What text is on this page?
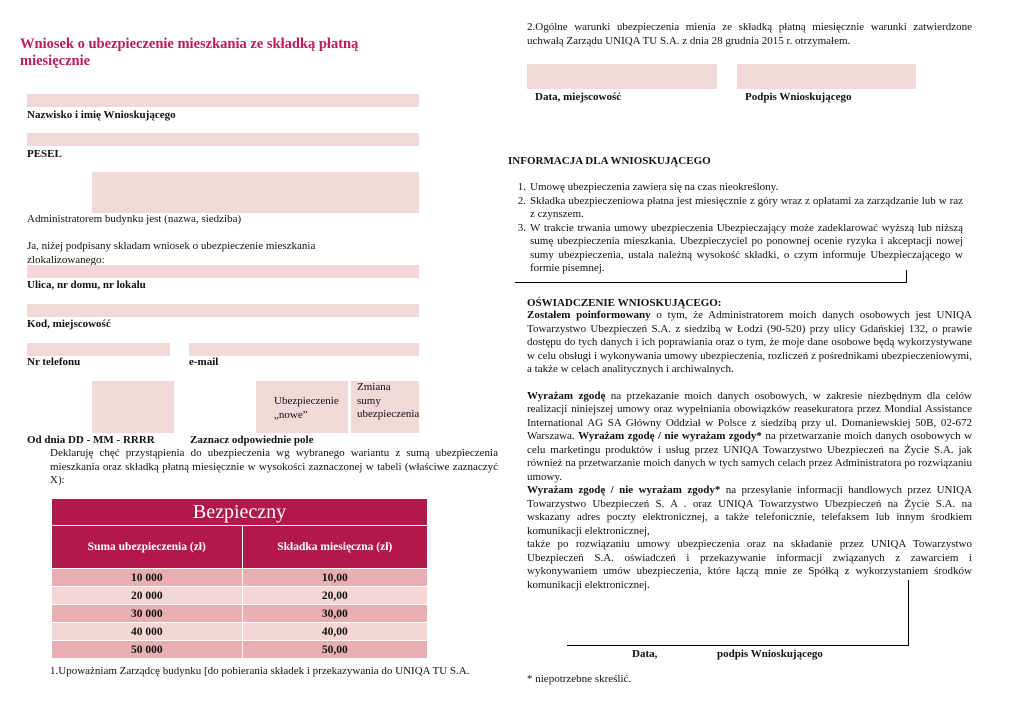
Wniosek o ubezpieczenie mieszkania ze składką płatną miesięcznie
Nazwisko i imię Wnioskującego
PESEL
Administratorem budynku jest (nazwa, siedziba)
Ja, niżej podpisany składam wniosek o ubezpieczenie mieszkania zlokalizowanego:
Ulica, nr domu, nr lokalu
Kod, miejscowość
Nr telefonu	e-mail
Ubezpieczenie „nowe”
Zmiana sumy ubezpieczenia
Od dnia DD - MM - RRRR	Zaznacz odpowiednie pole
Deklaruję chęć przystąpienia do ubezpieczenia wg wybranego wariantu z sumą ubezpieczenia mieszkania oraz składką płatną miesięcznie w wysokości zaznaczonej w tabeli (właściwe zaznaczyć X):
Bezpieczny	
Suma ubezpieczenia (zł)	Składka miesięczna (zł)
10 000	10,00
20 000	20,00
30 000	30,00
40 000	40,00
50 000	50,00
1.Upoważniam Zarządcę budynku [do pobierania składek i przekazywania do UNIQA TU S.A.
2.Ogólne warunki ubezpieczenia mienia ze składką płatną miesięcznie warunki zatwierdzone uchwałą Zarządu UNIQA TU S.A. z dnia 28 grudnia 2015 r. otrzymałem.
Data, miejscowość	Podpis Wnioskującego
INFORMACJA DLA WNIOSKUJĄCEGO
1. Umowę ubezpieczenia zawiera się na czas nieokreślony.
2. Składka ubezpieczeniowa płatna jest miesięcznie z góry wraz z opłatami za zarządzanie lub w raz z czynszem.
3. W trakcie trwania umowy ubezpieczenia Ubezpieczający może zadeklarować wyższą lub niższą sumę ubezpieczenia mieszkania. Ubezpieczyciel po ponownej ocenie ryzyka i akceptacji nowej sumy ubezpieczenia, ustala należną wysokość składki, o czym informuje Ubezpieczającego w formie pisemnej.
OŚWIADCZENIE WNIOSKUJĄCEGO:
Zostałem poinformowany o tym, że Administratorem moich danych osobowych jest UNIQA Towarzystwo Ubezpieczeń S.A. z siedzibą w Łodzi (90-520) przy ulicy Gdańskiej 132, o prawie dostępu do tych danych i ich poprawiania oraz o tym, że moje dane osobowe będą wykorzystywane w celu obsługi i wykonywania umowy ubezpieczenia, rozliczeń z pośrednikami ubezpieczeniowymi, a także w celach analitycznych i archiwalnych.
Wyrażam zgodę na przekazanie moich danych osobowych, w zakresie niezbędnym dla celów realizacji niniejszej umowy oraz wypełniania obowiązków reasekuratora przez Mondial Assistance International AG SA Główny Oddział w Polsce z siedzibą przy ul. Domaniewskiej 50B, 02-672 Warszawa. Wyrażam zgodę / nie wyrażam zgody* na przetwarzanie moich danych osobowych w celu marketingu produktów i usług przez UNIQA Towarzystwo Ubezpieczeń na Życie S.A. jak również na przetwarzanie moich danych w tych samych celach przez Administratora po rozwiązaniu umowy.
Wyrażam zgodę / nie wyrażam zgody* na przesyłanie informacji handlowych przez UNIQA Towarzystwo Ubezpieczeń S. A . oraz UNIQA Towarzystwo Ubezpieczeń na Życie S.A. na wskazany adres poczty elektronicznej, a także telefonicznie, telefaksem lub innym środkiem komunikacji elektronicznej,
także po rozwiązaniu umowy ubezpieczenia oraz na składanie przez UNIQA Towarzystwo Ubezpieczeń S.A. oświadczeń i przekazywanie informacji związanych z zawarciem i wykonywaniem umów ubezpieczenia, które łączą mnie ze Spółką z wykorzystaniem środków komunikacji elektronicznej.
Data,	podpis Wnioskującego
* niepotrzebne skreślić.
